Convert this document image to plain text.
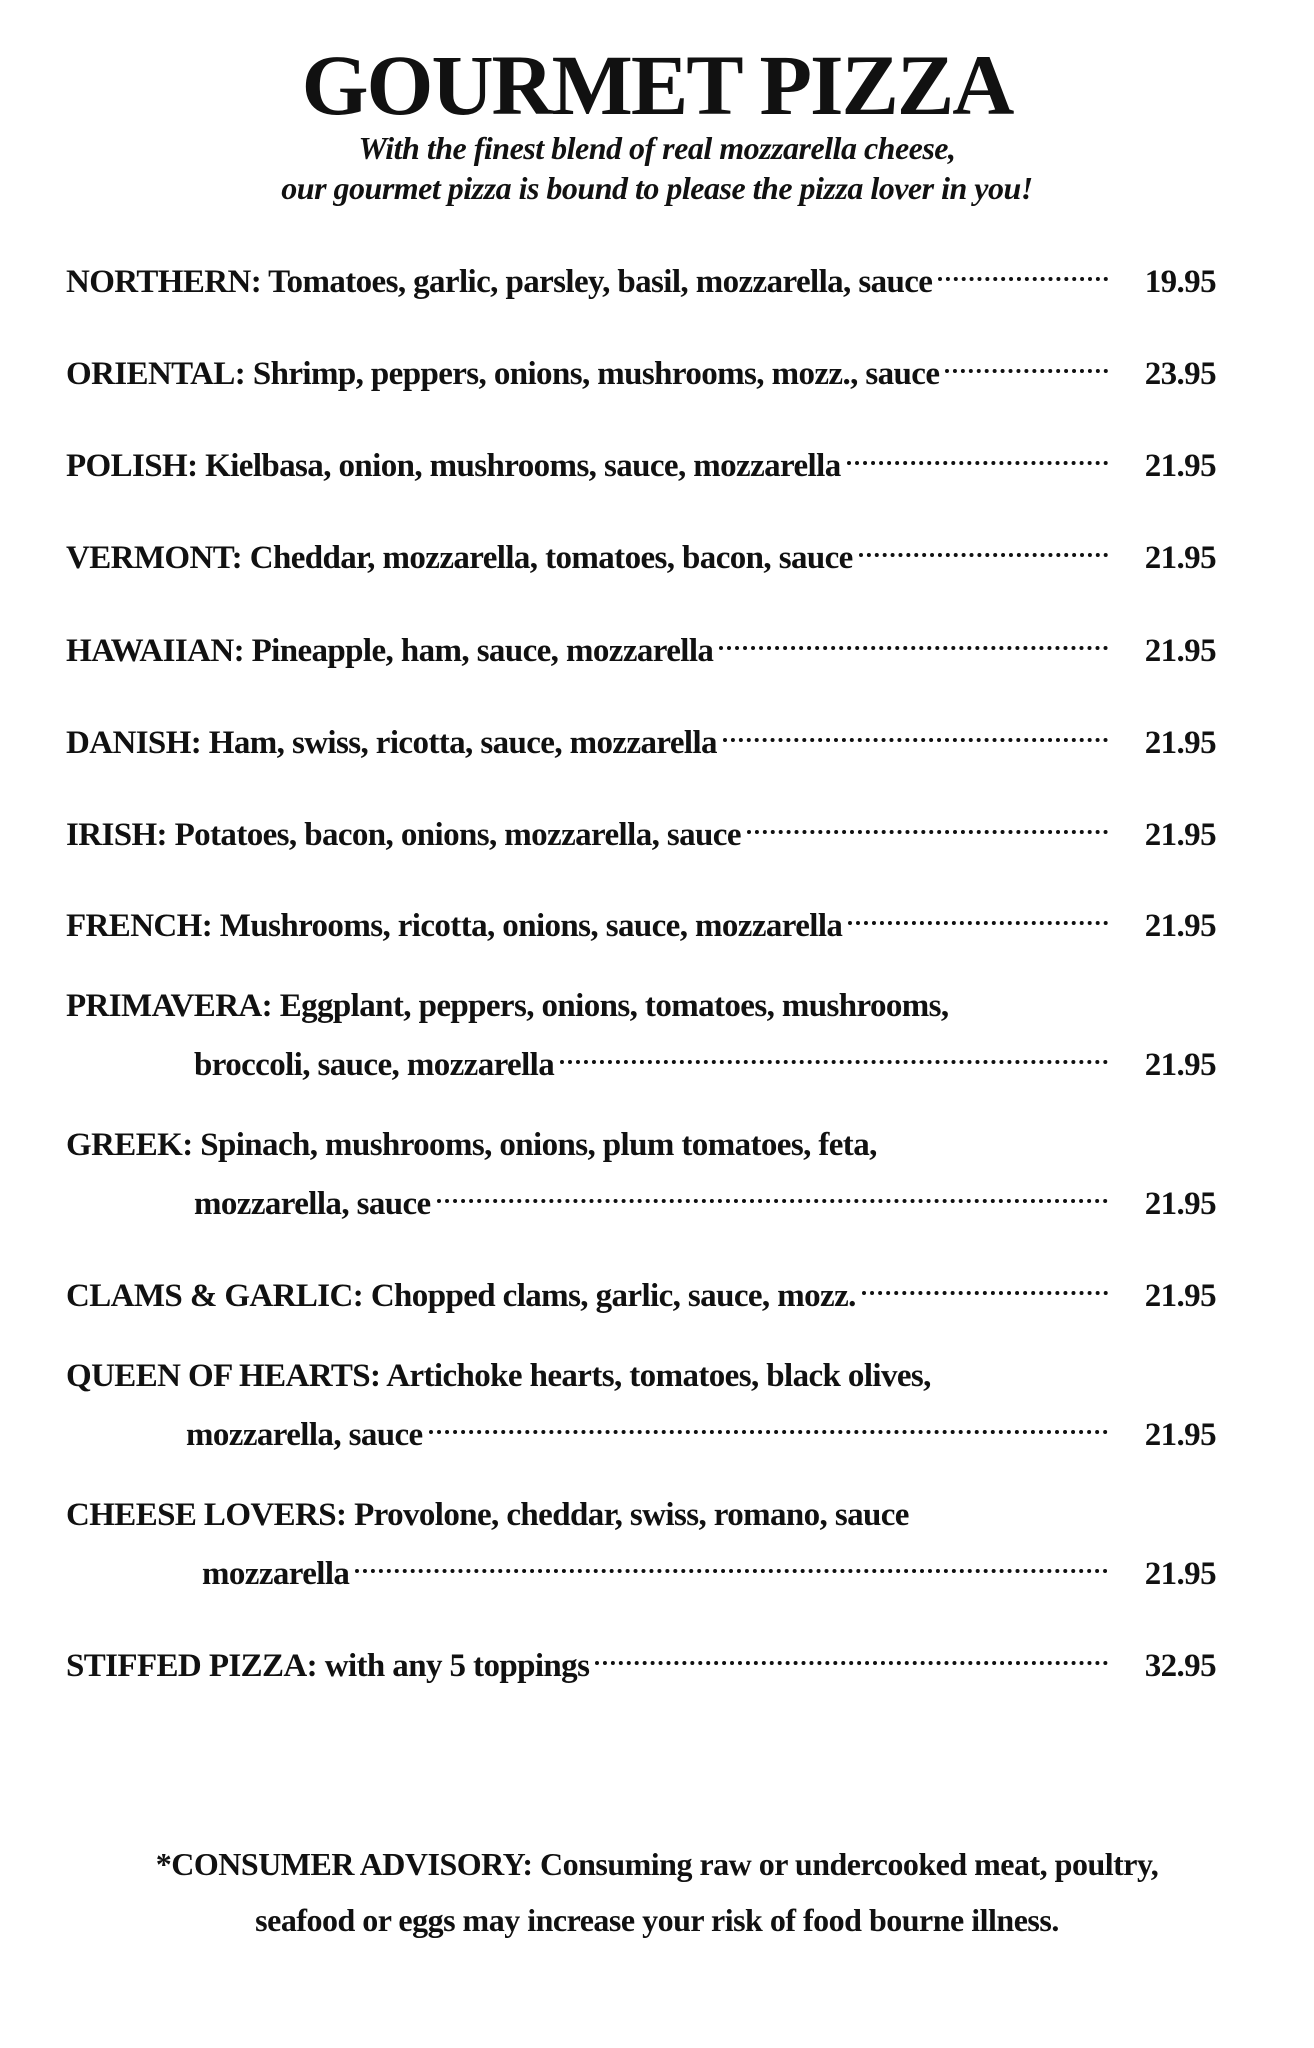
GOURMET PIZZA
With the finest blend of real mozzarella cheese,
our gourmet pizza is bound to please the pizza lover in you!
NORTHERN: Tomatoes, garlic, parsley, basil, mozzarella, sauce	19.95
ORIENTAL: Shrimp, peppers, onions, mushrooms, mozz., sauce	23.95
POLISH: Kielbasa, onion, mushrooms, sauce, mozzarella	21.95
VERMONT: Cheddar, mozzarella, tomatoes, bacon, sauce	21.95
HAWAIIAN: Pineapple, ham, sauce, mozzarella	21.95
DANISH: Ham, swiss, ricotta, sauce, mozzarella	21.95
IRISH: Potatoes, bacon, onions, mozzarella, sauce	21.95
FRENCH: Mushrooms, ricotta, onions, sauce, mozzarella	21.95
PRIMAVERA: Eggplant, peppers, onions, tomatoes, mushrooms,
broccoli, sauce, mozzarella	21.95
GREEK: Spinach, mushrooms, onions, plum tomatoes, feta,
mozzarella, sauce	21.95
CLAMS & GARLIC: Chopped clams, garlic, sauce, mozz.	21.95
QUEEN OF HEARTS: Artichoke hearts, tomatoes, black olives,
mozzarella, sauce	21.95
CHEESE LOVERS: Provolone, cheddar, swiss, romano, sauce
mozzarella	21.95
STIFFED PIZZA: with any 5 toppings	32.95
*CONSUMER ADVISORY: Consuming raw or undercooked meat, poultry,
seafood or eggs may increase your risk of food bourne illness.
